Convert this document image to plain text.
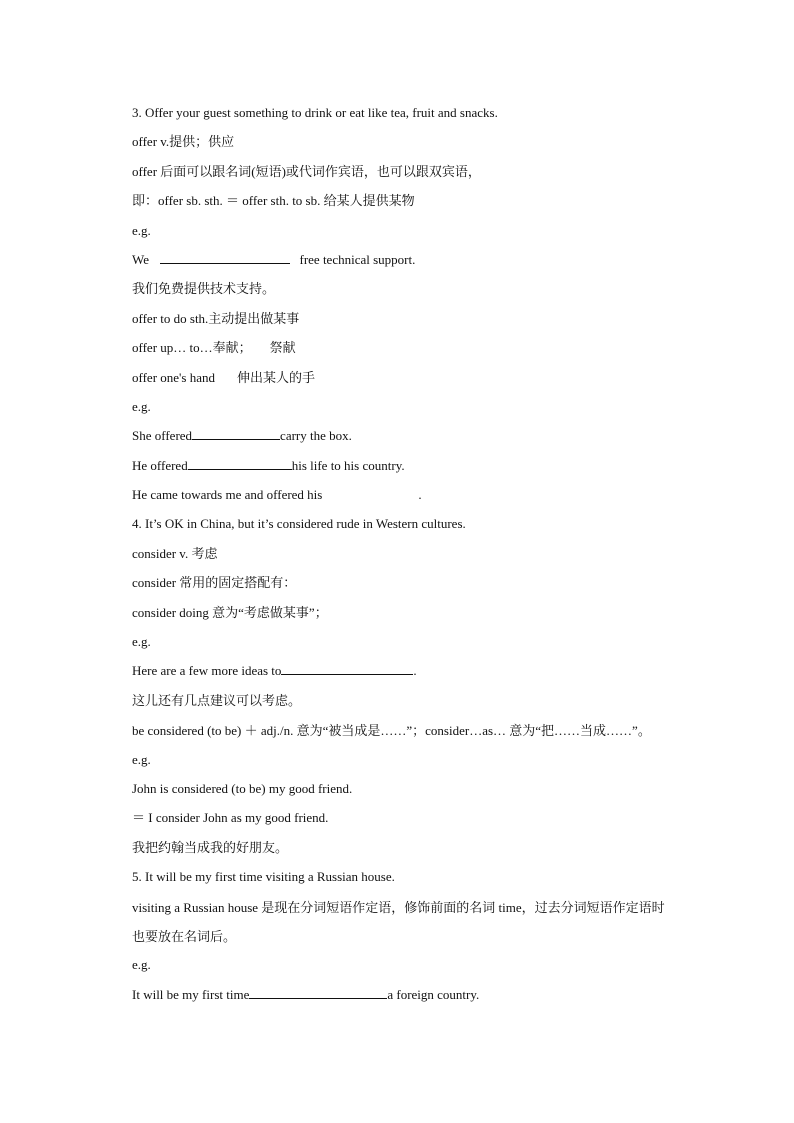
3. Offer your guest something to drink or eat like tea, fruit and snacks.
offer v.提供；供应
offer 后面可以跟名词(短语)或代词作宾语，也可以跟双宾语，
即：offer sb. sth. ＝ offer sth. to sb. 给某人提供某物
e.g.
We	free technical support.
我们免费提供技术支持。
offer to do sth.主动提出做某事
offer up… to…奉献； 祭献
offer one's hand 伸出某人的手
e.g.
She offered	carry the box.
He offered	his life to his country.
He came towards me and offered his	.
4. It’s OK in China, but it’s considered rude in Western cultures.
consider v. 考虑
consider 常用的固定搭配有：
consider doing 意为“考虑做某事”；
e.g.
Here are a few more ideas to	.
这儿还有几点建议可以考虑。
be considered (to be) ＋ adj./n. 意为“被当成是……”；consider…as… 意为“把……当成……”。
e.g.
John is considered (to be) my good friend.
＝ I consider John as my good friend.
我把约翰当成我的好朋友。
5. It will be my first time visiting a Russian house.
visiting a Russian house 是现在分词短语作定语，修饰前面的名词 time，过去分词短语作定语时也要放在名词后。
e.g.
It will be my first time	a foreign country.
